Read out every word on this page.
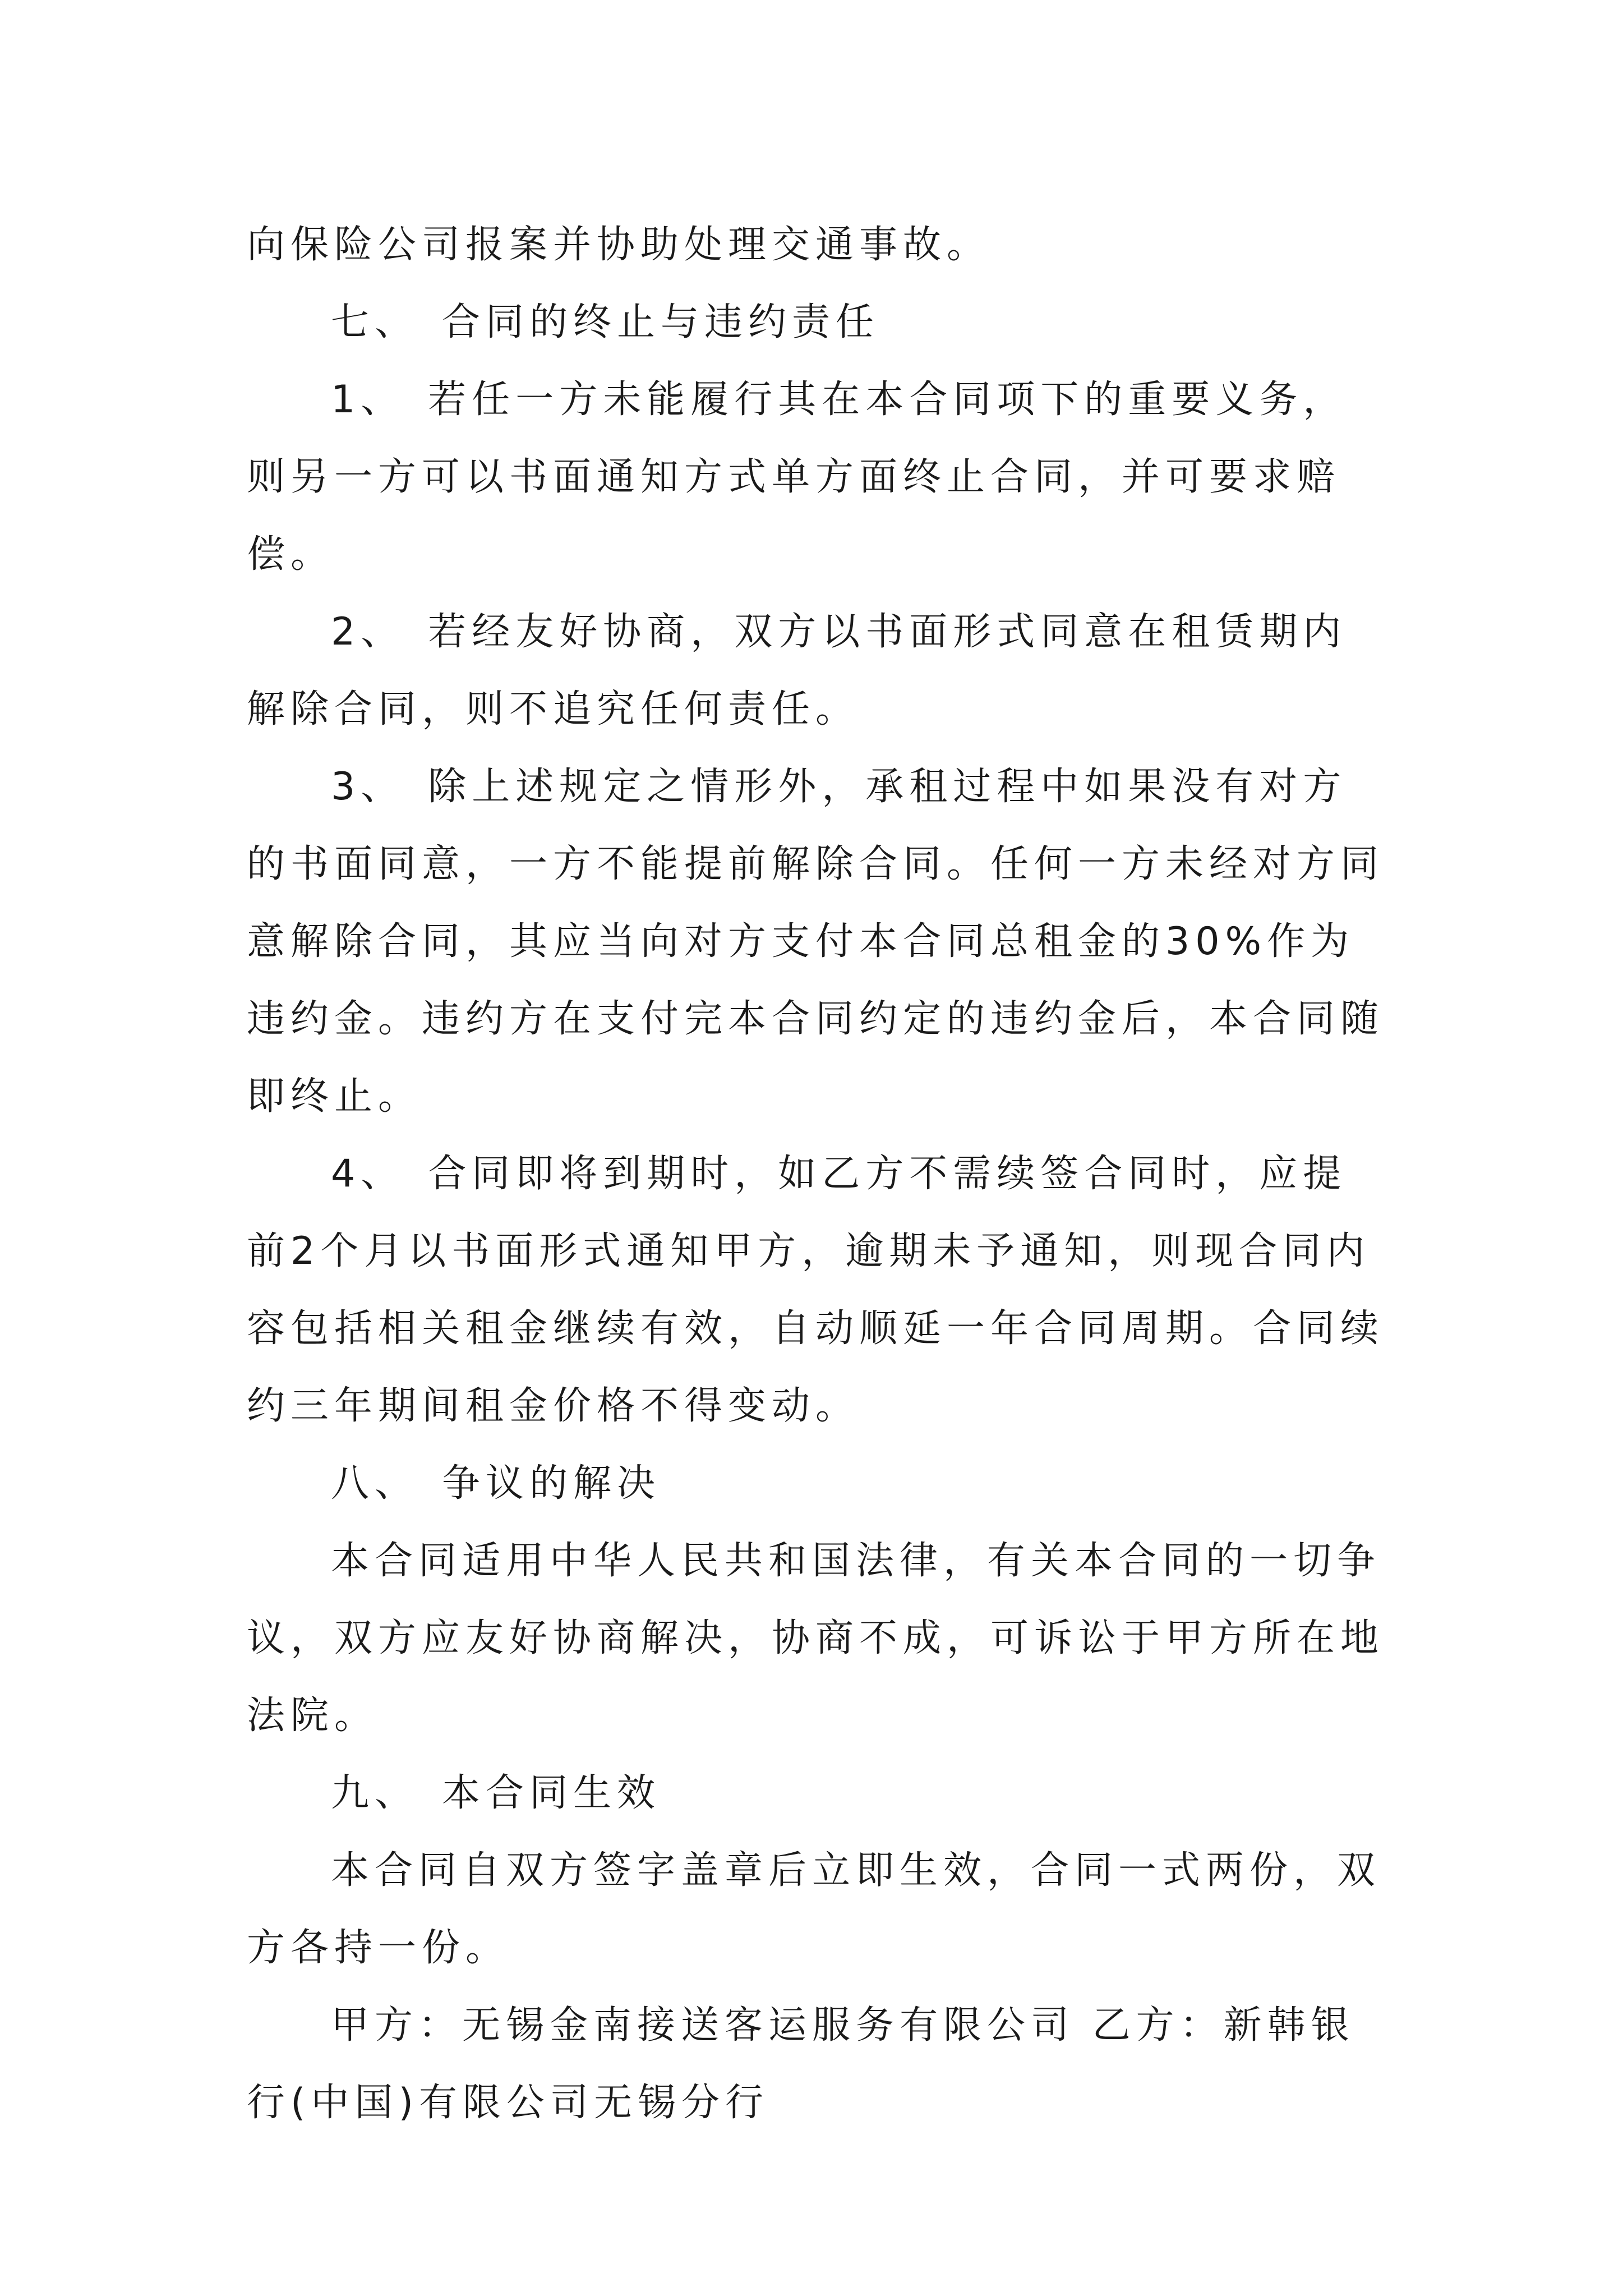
向保险公司报案并协助处理交通事故。

七、 合同的终止与违约责任

1、 若任一方未能履行其在本合同项下的重要义务，则另一方可以书面通知方式单方面终止合同，并可要求赔偿。

2、 若经友好协商，双方以书面形式同意在租赁期内解除合同，则不追究任何责任。

3、 除上述规定之情形外，承租过程中如果没有对方的书面同意，一方不能提前解除合同。任何一方未经对方同意解除合同，其应当向对方支付本合同总租金的30%作为违约金。违约方在支付完本合同约定的违约金后，本合同随即终止。

4、 合同即将到期时，如乙方不需续签合同时，应提前2个月以书面形式通知甲方，逾期未予通知，则现合同内容包括相关租金继续有效，自动顺延一年合同周期。合同续约三年期间租金价格不得变动。

八、 争议的解决

本合同适用中华人民共和国法律，有关本合同的一切争议，双方应友好协商解决，协商不成，可诉讼于甲方所在地法院。

九、 本合同生效

本合同自双方签字盖章后立即生效，合同一式两份，双方各持一份。

甲方：无锡金南接送客运服务有限公司 乙方：新韩银行(中国)有限公司无锡分行
